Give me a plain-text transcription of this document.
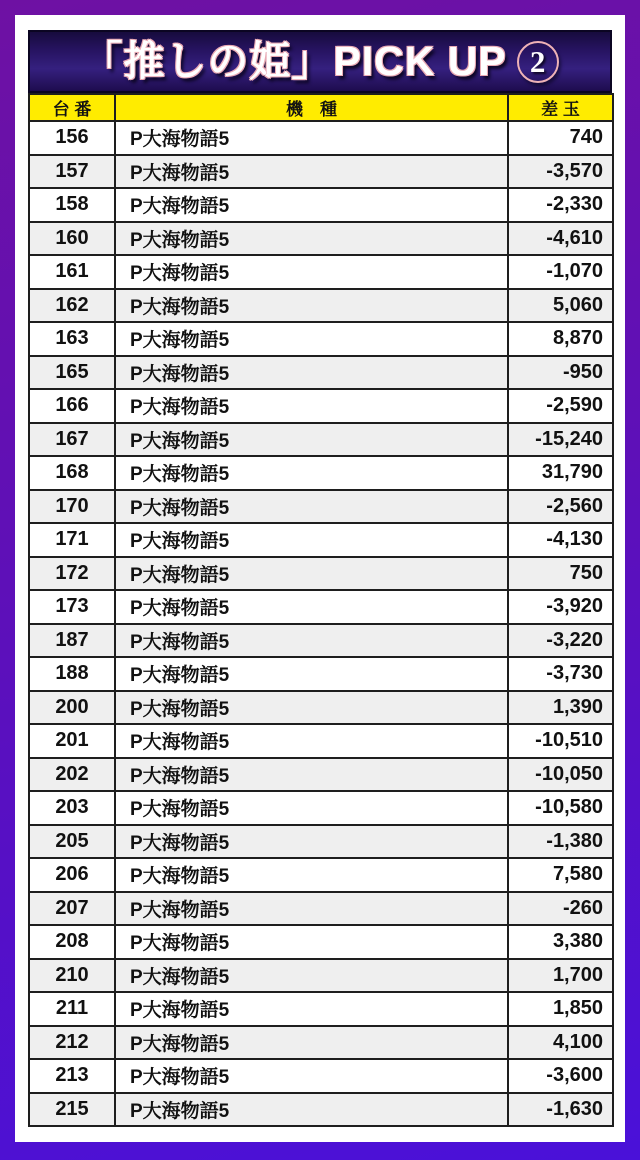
「推しの姫」PICK UP 2
台 番	機　種	差 玉
156	P大海物語5	740
157	P大海物語5	-3,570
158	P大海物語5	-2,330
160	P大海物語5	-4,610
161	P大海物語5	-1,070
162	P大海物語5	5,060
163	P大海物語5	8,870
165	P大海物語5	-950
166	P大海物語5	-2,590
167	P大海物語5	-15,240
168	P大海物語5	31,790
170	P大海物語5	-2,560
171	P大海物語5	-4,130
172	P大海物語5	750
173	P大海物語5	-3,920
187	P大海物語5	-3,220
188	P大海物語5	-3,730
200	P大海物語5	1,390
201	P大海物語5	-10,510
202	P大海物語5	-10,050
203	P大海物語5	-10,580
205	P大海物語5	-1,380
206	P大海物語5	7,580
207	P大海物語5	-260
208	P大海物語5	3,380
210	P大海物語5	1,700
211	P大海物語5	1,850
212	P大海物語5	4,100
213	P大海物語5	-3,600
215	P大海物語5	-1,630
